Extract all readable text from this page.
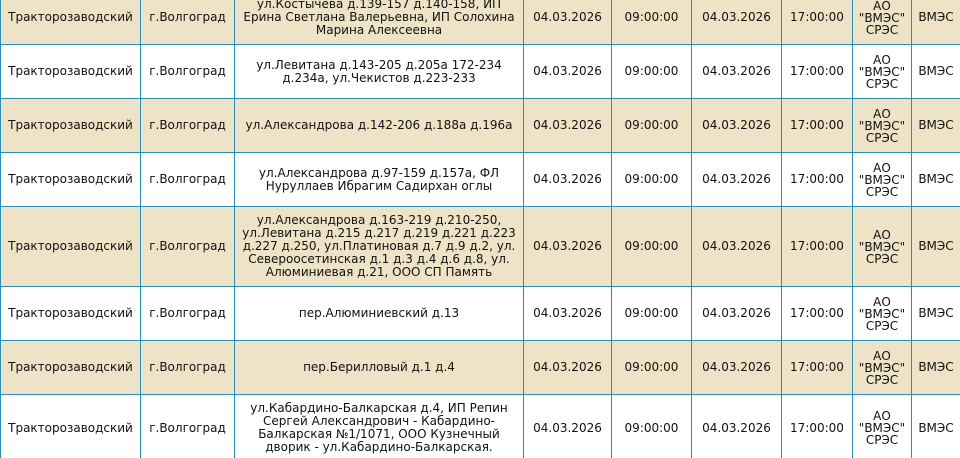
Тракторозаводский	г.Волгоград	ул.Костычева д.139-157 д.140-158, ИП Ерина Светлана Валерьевна, ИП Солохина Марина Алексеевна	04.03.2026	09:00:00	04.03.2026	17:00:00	АО "ВМЭС" СРЭС	ВМЭС
Тракторозаводский	г.Волгоград	ул.Левитана д.143-205 д.205а 172-234 д.234а, ул.Чекистов д.223-233	04.03.2026	09:00:00	04.03.2026	17:00:00	АО "ВМЭС" СРЭС	ВМЭС
Тракторозаводский	г.Волгоград	ул.Александрова д.142-206 д.188а д.196а	04.03.2026	09:00:00	04.03.2026	17:00:00	АО "ВМЭС" СРЭС	ВМЭС
Тракторозаводский	г.Волгоград	ул.Александрова д.97-159 д.157а, ФЛ Нуруллаев Ибрагим Садирхан оглы	04.03.2026	09:00:00	04.03.2026	17:00:00	АО "ВМЭС" СРЭС	ВМЭС
Тракторозаводский	г.Волгоград	ул.Александрова д.163-219 д.210-250, ул.Левитана д.215 д.217 д.219 д.221 д.223 д.227 д.250, ул.Платиновая д.7 д.9 д.2, ул. Североосетинская д.1 д.3 д.4 д.6 д.8, ул. Алюминиевая д.21, ООО СП Память	04.03.2026	09:00:00	04.03.2026	17:00:00	АО "ВМЭС" СРЭС	ВМЭС
Тракторозаводский	г.Волгоград	пер.Алюминиевский д.13	04.03.2026	09:00:00	04.03.2026	17:00:00	АО "ВМЭС" СРЭС	ВМЭС
Тракторозаводский	г.Волгоград	пер.Берилловый д.1 д.4	04.03.2026	09:00:00	04.03.2026	17:00:00	АО "ВМЭС" СРЭС	ВМЭС
Тракторозаводский	г.Волгоград	ул.Кабардино-Балкарская д.4, ИП Репин Сергей Александрович - Кабардино-Балкарская №1/1071, ООО Кузнечный дворик - ул.Кабардино-Балкарская.	04.03.2026	09:00:00	04.03.2026	17:00:00	АО "ВМЭС" СРЭС	ВМЭС
